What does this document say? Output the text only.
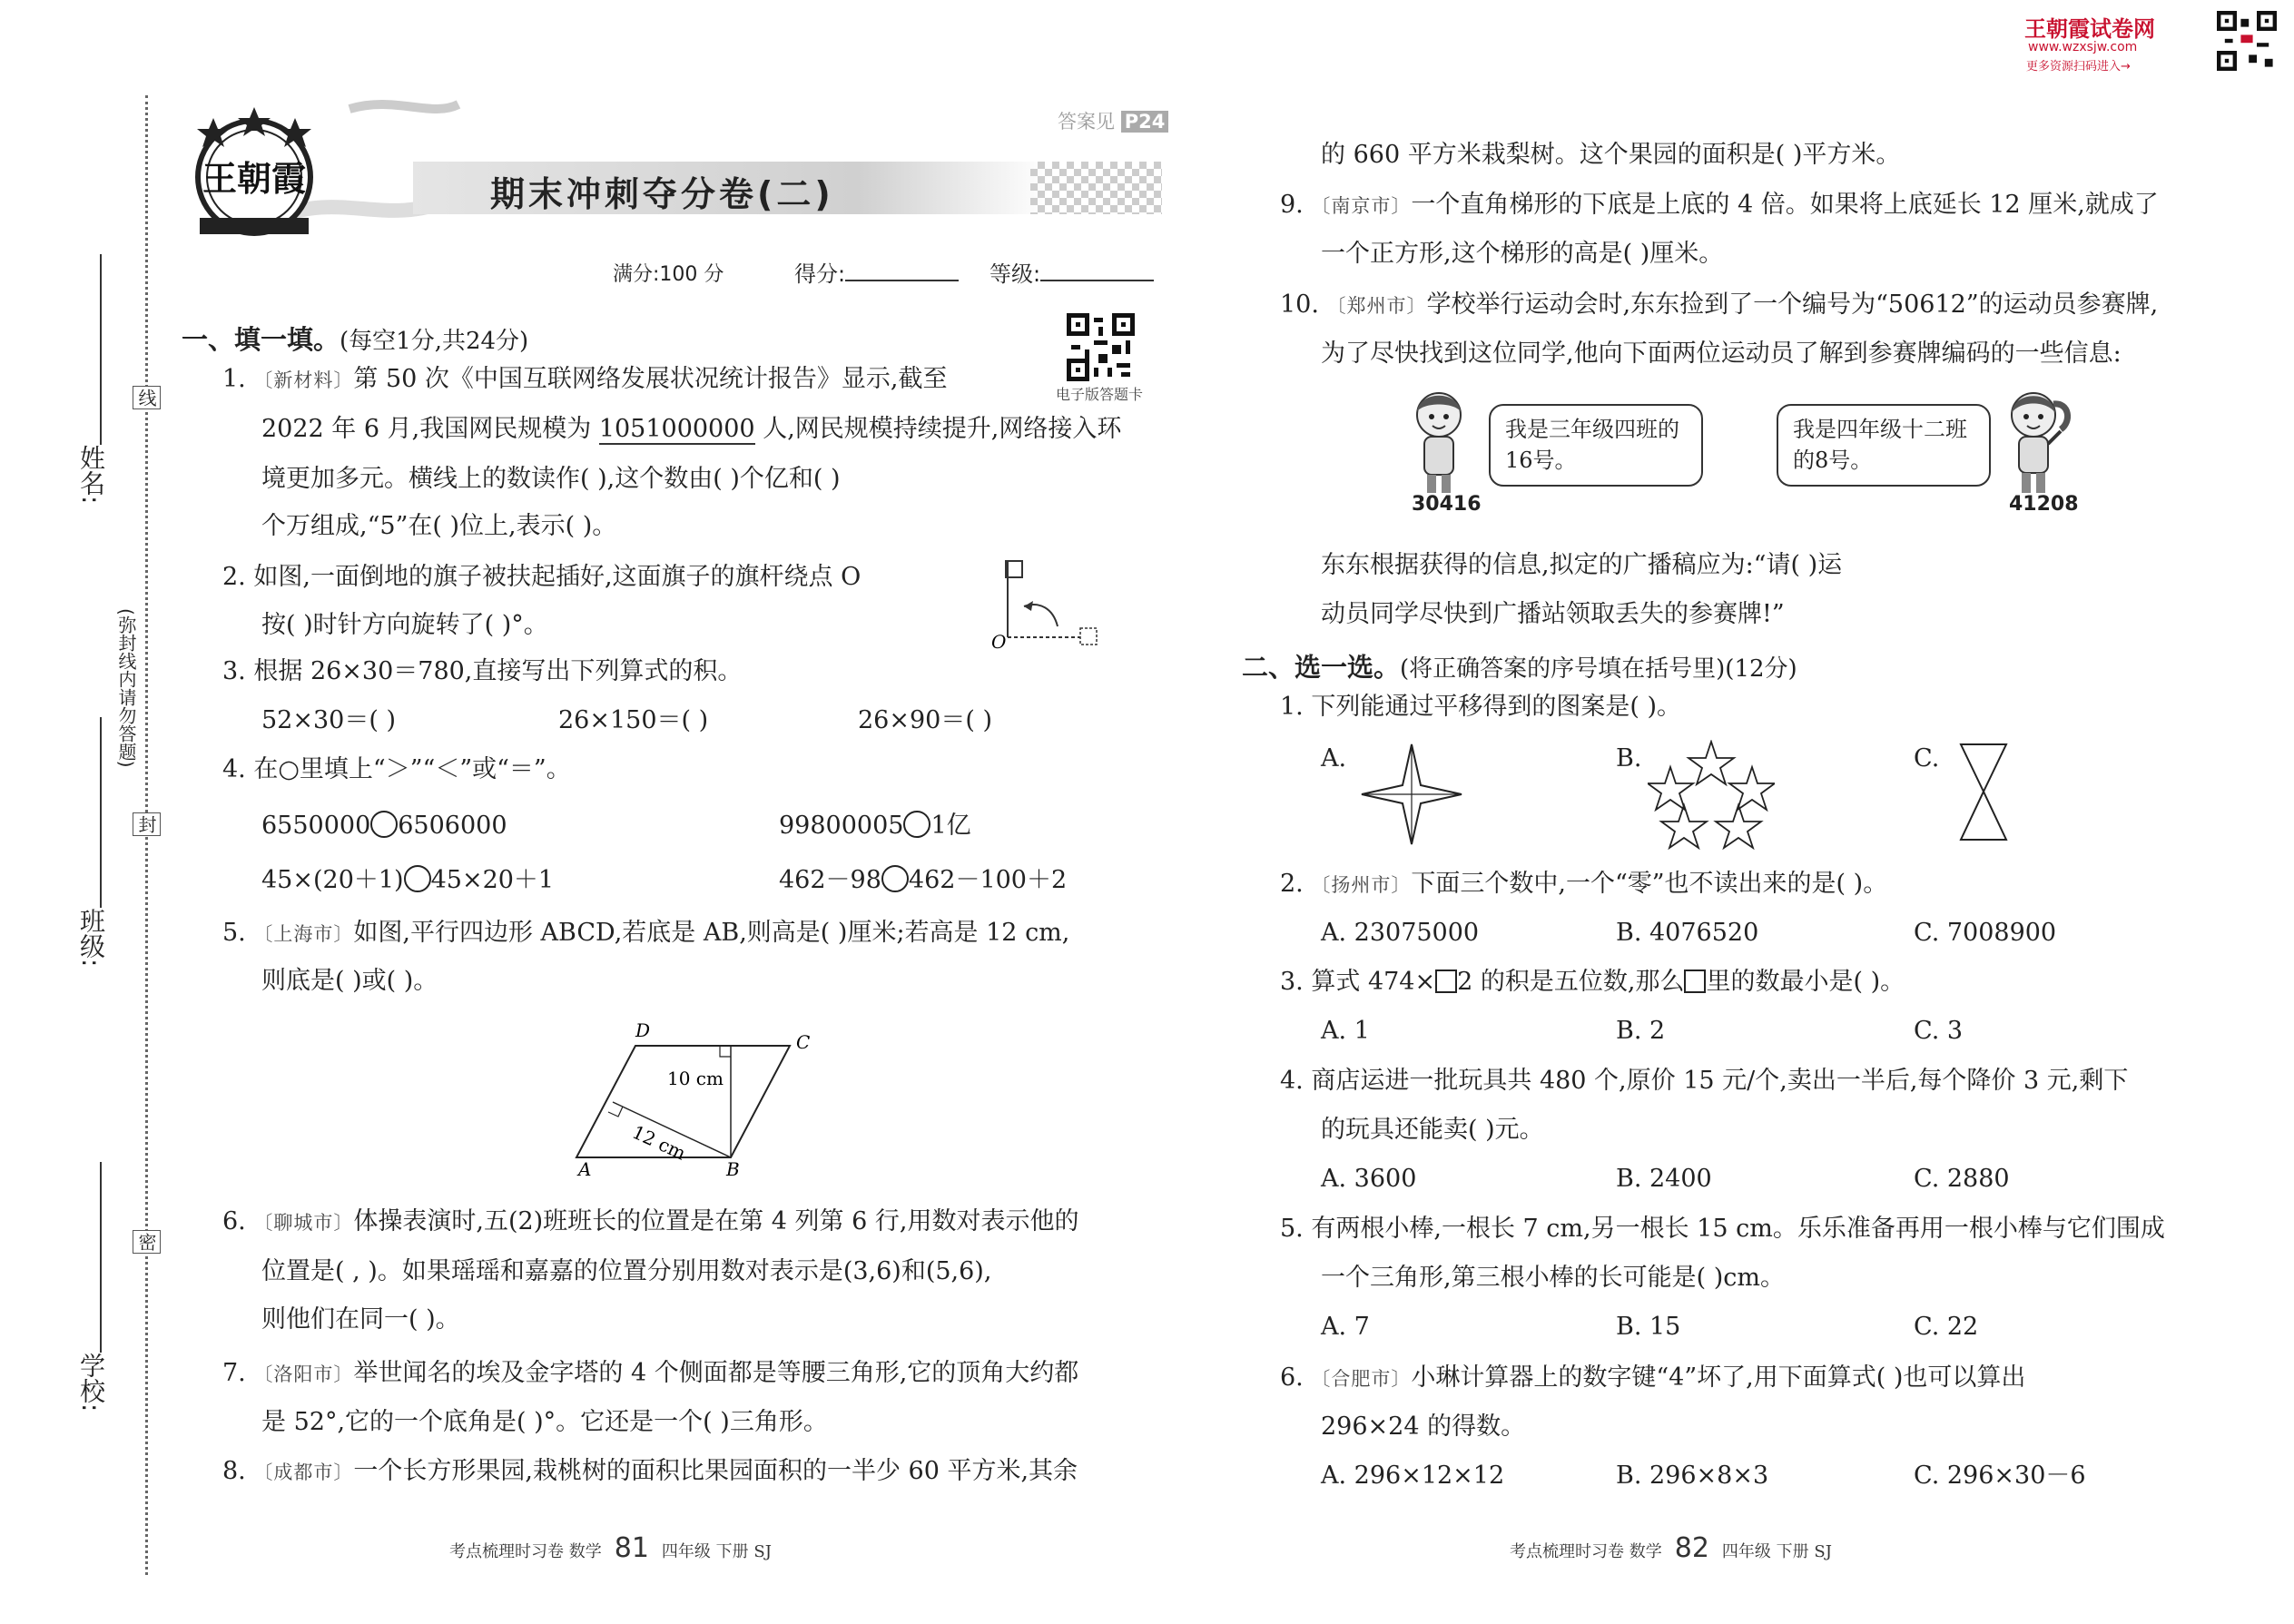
姓名:
班级:
学校:
(弥封线内请勿答题)
线
封
密
王朝霞
答案见 P24
期末冲刺夺分卷(二)
满分:100 分	得分:	等级:
电子版答题卡
一、填一填。(每空1分,共24分)
1. 〔新材料〕第 50 次《中国互联网络发展状况统计报告》显示,截至
2022 年 6 月,我国网民规模为 1051000000 人,网民规模持续提升,网络接入环
境更加多元。横线上的数读作( ),这个数由( )个亿和( )
个万组成,“5”在( )位上,表示( )。
2. 如图,一面倒地的旗子被扶起插好,这面旗子的旗杆绕点 O
按( )时针方向旋转了( )°。
O
3. 根据 26×30＝780,直接写出下列算式的积。
52×30＝( )	26×150＝( )	26×90＝( )
4. 在○里填上“＞”“＜”或“＝”。
6550000 6506000	99800005 1亿
45×(20＋1) 45×20＋1	462－98 462－100＋2
5. 〔上海市〕如图,平行四边形 ABCD,若底是 AB,则高是( )厘米;若高是 12 cm,
则底是( )或( )。
10 cm
12 cm
A	B
C
D
6. 〔聊城市〕体操表演时,五(2)班班长的位置是在第 4 列第 6 行,用数对表示他的
位置是( , )。如果瑶瑶和嘉嘉的位置分别用数对表示是(3,6)和(5,6),
则他们在同一( )。
7. 〔洛阳市〕举世闻名的埃及金字塔的 4 个侧面都是等腰三角形,它的顶角大约都
是 52°,它的一个底角是( )°。它还是一个( )三角形。
8. 〔成都市〕一个长方形果园,栽桃树的面积比果园面积的一半少 60 平方米,其余
考点梳理时习卷 数学 81 四年级 下册 SJ
王朝霞试卷网
www.wzxsjw.com
更多资源扫码进入→
的 660 平方米栽梨树。这个果园的面积是( )平方米。
9. 〔南京市〕一个直角梯形的下底是上底的 4 倍。如果将上底延长 12 厘米,就成了
一个正方形,这个梯形的高是( )厘米。
10. 〔郑州市〕学校举行运动会时,东东捡到了一个编号为“50612”的运动员参赛牌,
为了尽快找到这位同学,他向下面两位运动员了解到参赛牌编码的一些信息:
我是三年级四班的16号。
30416
我是四年级十二班的8号。
41208
东东根据获得的信息,拟定的广播稿应为:“请( )运
动员同学尽快到广播站领取丢失的参赛牌!”
二、选一选。(将正确答案的序号填在括号里)(12分)
1. 下列能通过平移得到的图案是( )。
A.	B.	C.
2. 〔扬州市〕下面三个数中,一个“零”也不读出来的是( )。
A. 23075000	B. 4076520	C. 7008900
3. 算式 474× 2 的积是五位数,那么 里的数最小是( )。
A. 1	B. 2	C. 3
4. 商店运进一批玩具共 480 个,原价 15 元/个,卖出一半后,每个降价 3 元,剩下
的玩具还能卖( )元。
A. 3600	B. 2400	C. 2880
5. 有两根小棒,一根长 7 cm,另一根长 15 cm。乐乐准备再用一根小棒与它们围成
一个三角形,第三根小棒的长可能是( )cm。
A. 7	B. 15	C. 22
6. 〔合肥市〕小琳计算器上的数字键“4”坏了,用下面算式( )也可以算出
296×24 的得数。
A. 296×12×12	B. 296×8×3	C. 296×30－6
考点梳理时习卷 数学 82 四年级 下册 SJ
